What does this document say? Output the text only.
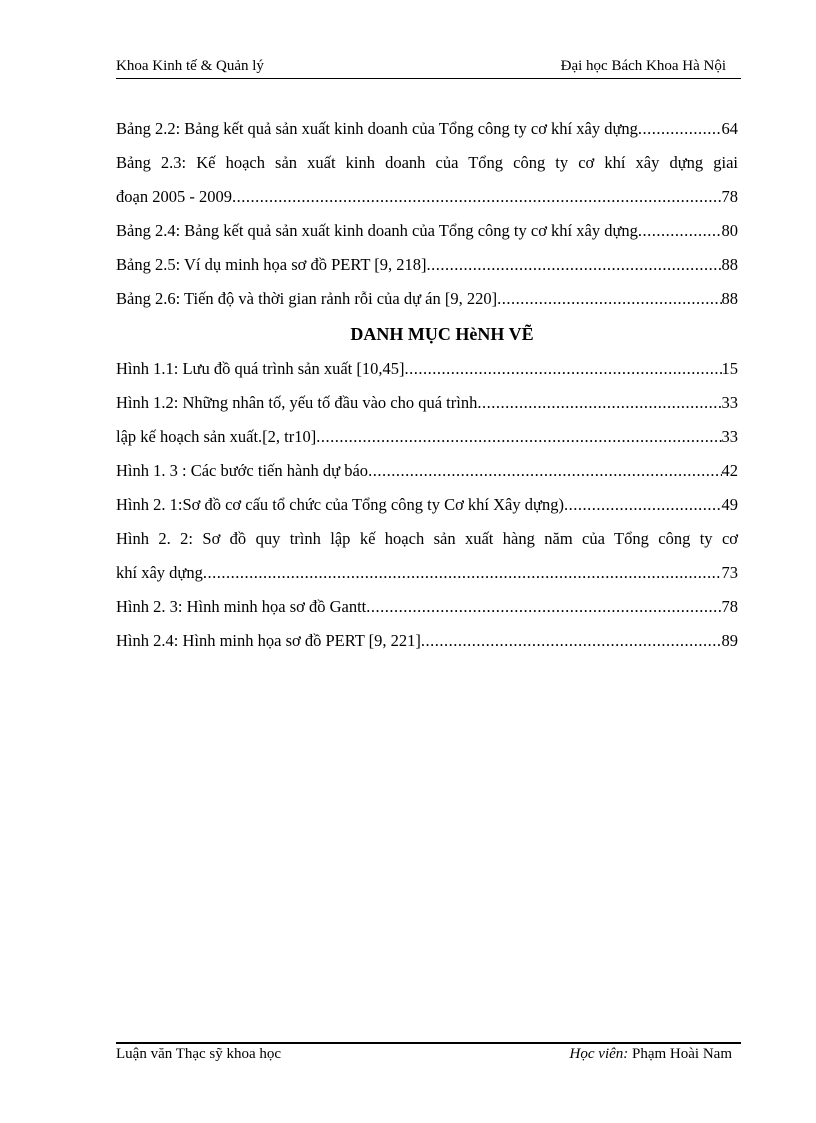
Khoa Kinh tế & Quản lý	Đại học Bách Khoa Hà Nội
Bảng 2.2: Bảng kết quả sản xuất kinh doanh của Tổng công ty cơ khí xây dựng .....	64
Bảng 2.3: Kế hoạch sản xuất kinh doanh của Tổng công ty cơ khí xây dựng giai
đoạn 2005 - 2009 .....	78
Bảng 2.4: Bảng kết quả sản xuất kinh doanh của Tổng công ty cơ khí xây dựng .....	80
Bảng 2.5: Ví dụ minh họa sơ đồ PERT [9, 218] .....	88
Bảng 2.6: Tiến độ và thời gian rảnh rỗi của dự án [9, 220] .....	88
DANH MỤC HèNH VẼ
Hình 1.1: Lưu đồ quá trình sản xuất [10,45] .....	15
Hình 1.2: Những nhân tố, yếu tố đầu vào cho quá trình .....	33
lập kế hoạch sản xuất.[2, tr10] .....	33
Hình 1. 3 : Các bước tiến hành dự báo .....	42
Hình 2. 1:Sơ đồ cơ cấu tổ chức của Tổng công ty Cơ khí Xây dựng) .....	49
Hình 2. 2: Sơ đồ quy trình lập kế hoạch sản xuất hàng năm của Tổng công ty cơ
khí xây dựng .....	73
Hình 2. 3: Hình minh họa sơ đồ Gantt .....	78
Hình 2.4: Hình minh họa sơ đồ PERT [9, 221] .....	89
Luận văn Thạc sỹ khoa học	Học viên: Phạm Hoài Nam
